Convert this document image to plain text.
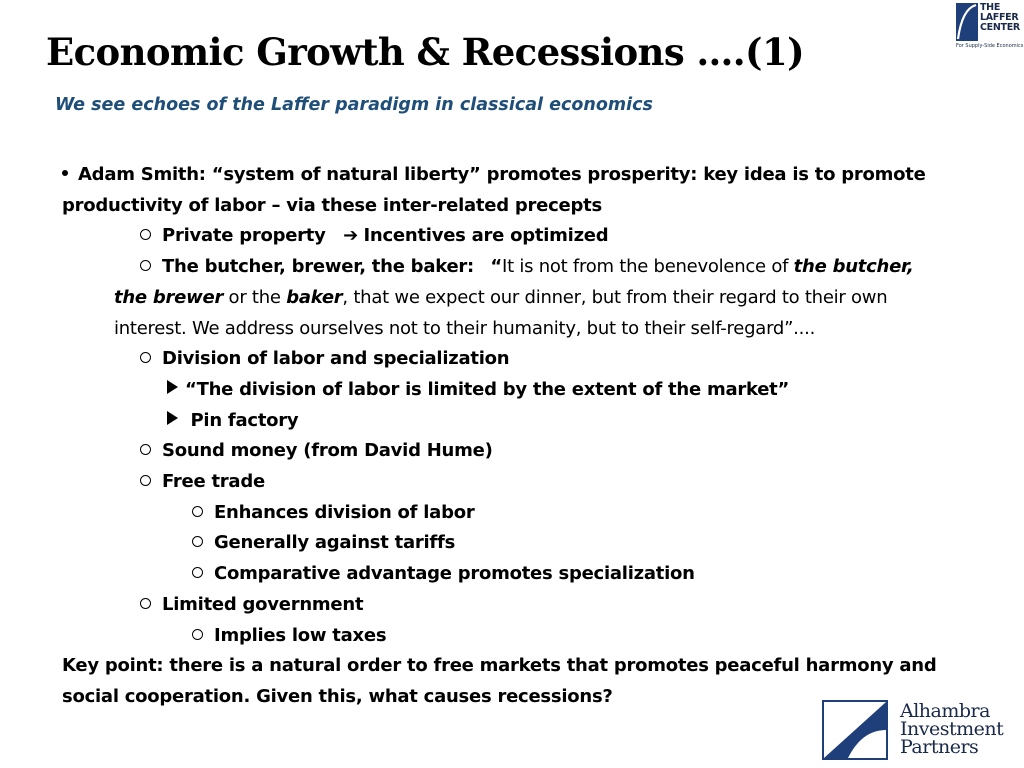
THE
LAFFER
CENTER
For Supply-Side Economics
Economic Growth & Recessions ….(1)
We see echoes of the Laffer paradigm in classical economics
Adam Smith: “system of natural liberty” promotes prosperity: key idea is to promote
productivity of labor – via these inter-related precepts
Private property   ➔ Incentives are optimized
The butcher, brewer, the baker: “It is not from the benevolence of the butcher,
the brewer or the baker, that we expect our dinner, but from their regard to their own
interest. We address ourselves not to their humanity, but to their self-regard”....
Division of labor and specialization
“The division of labor is limited by the extent of the market”
Pin factory
Sound money (from David Hume)
Free trade
Enhances division of labor
Generally against tariffs
Comparative advantage promotes specialization
Limited government
Implies low taxes
Key point: there is a natural order to free markets that promotes peaceful harmony and
social cooperation. Given this, what causes recessions?
Alhambra
Investment
Partners
